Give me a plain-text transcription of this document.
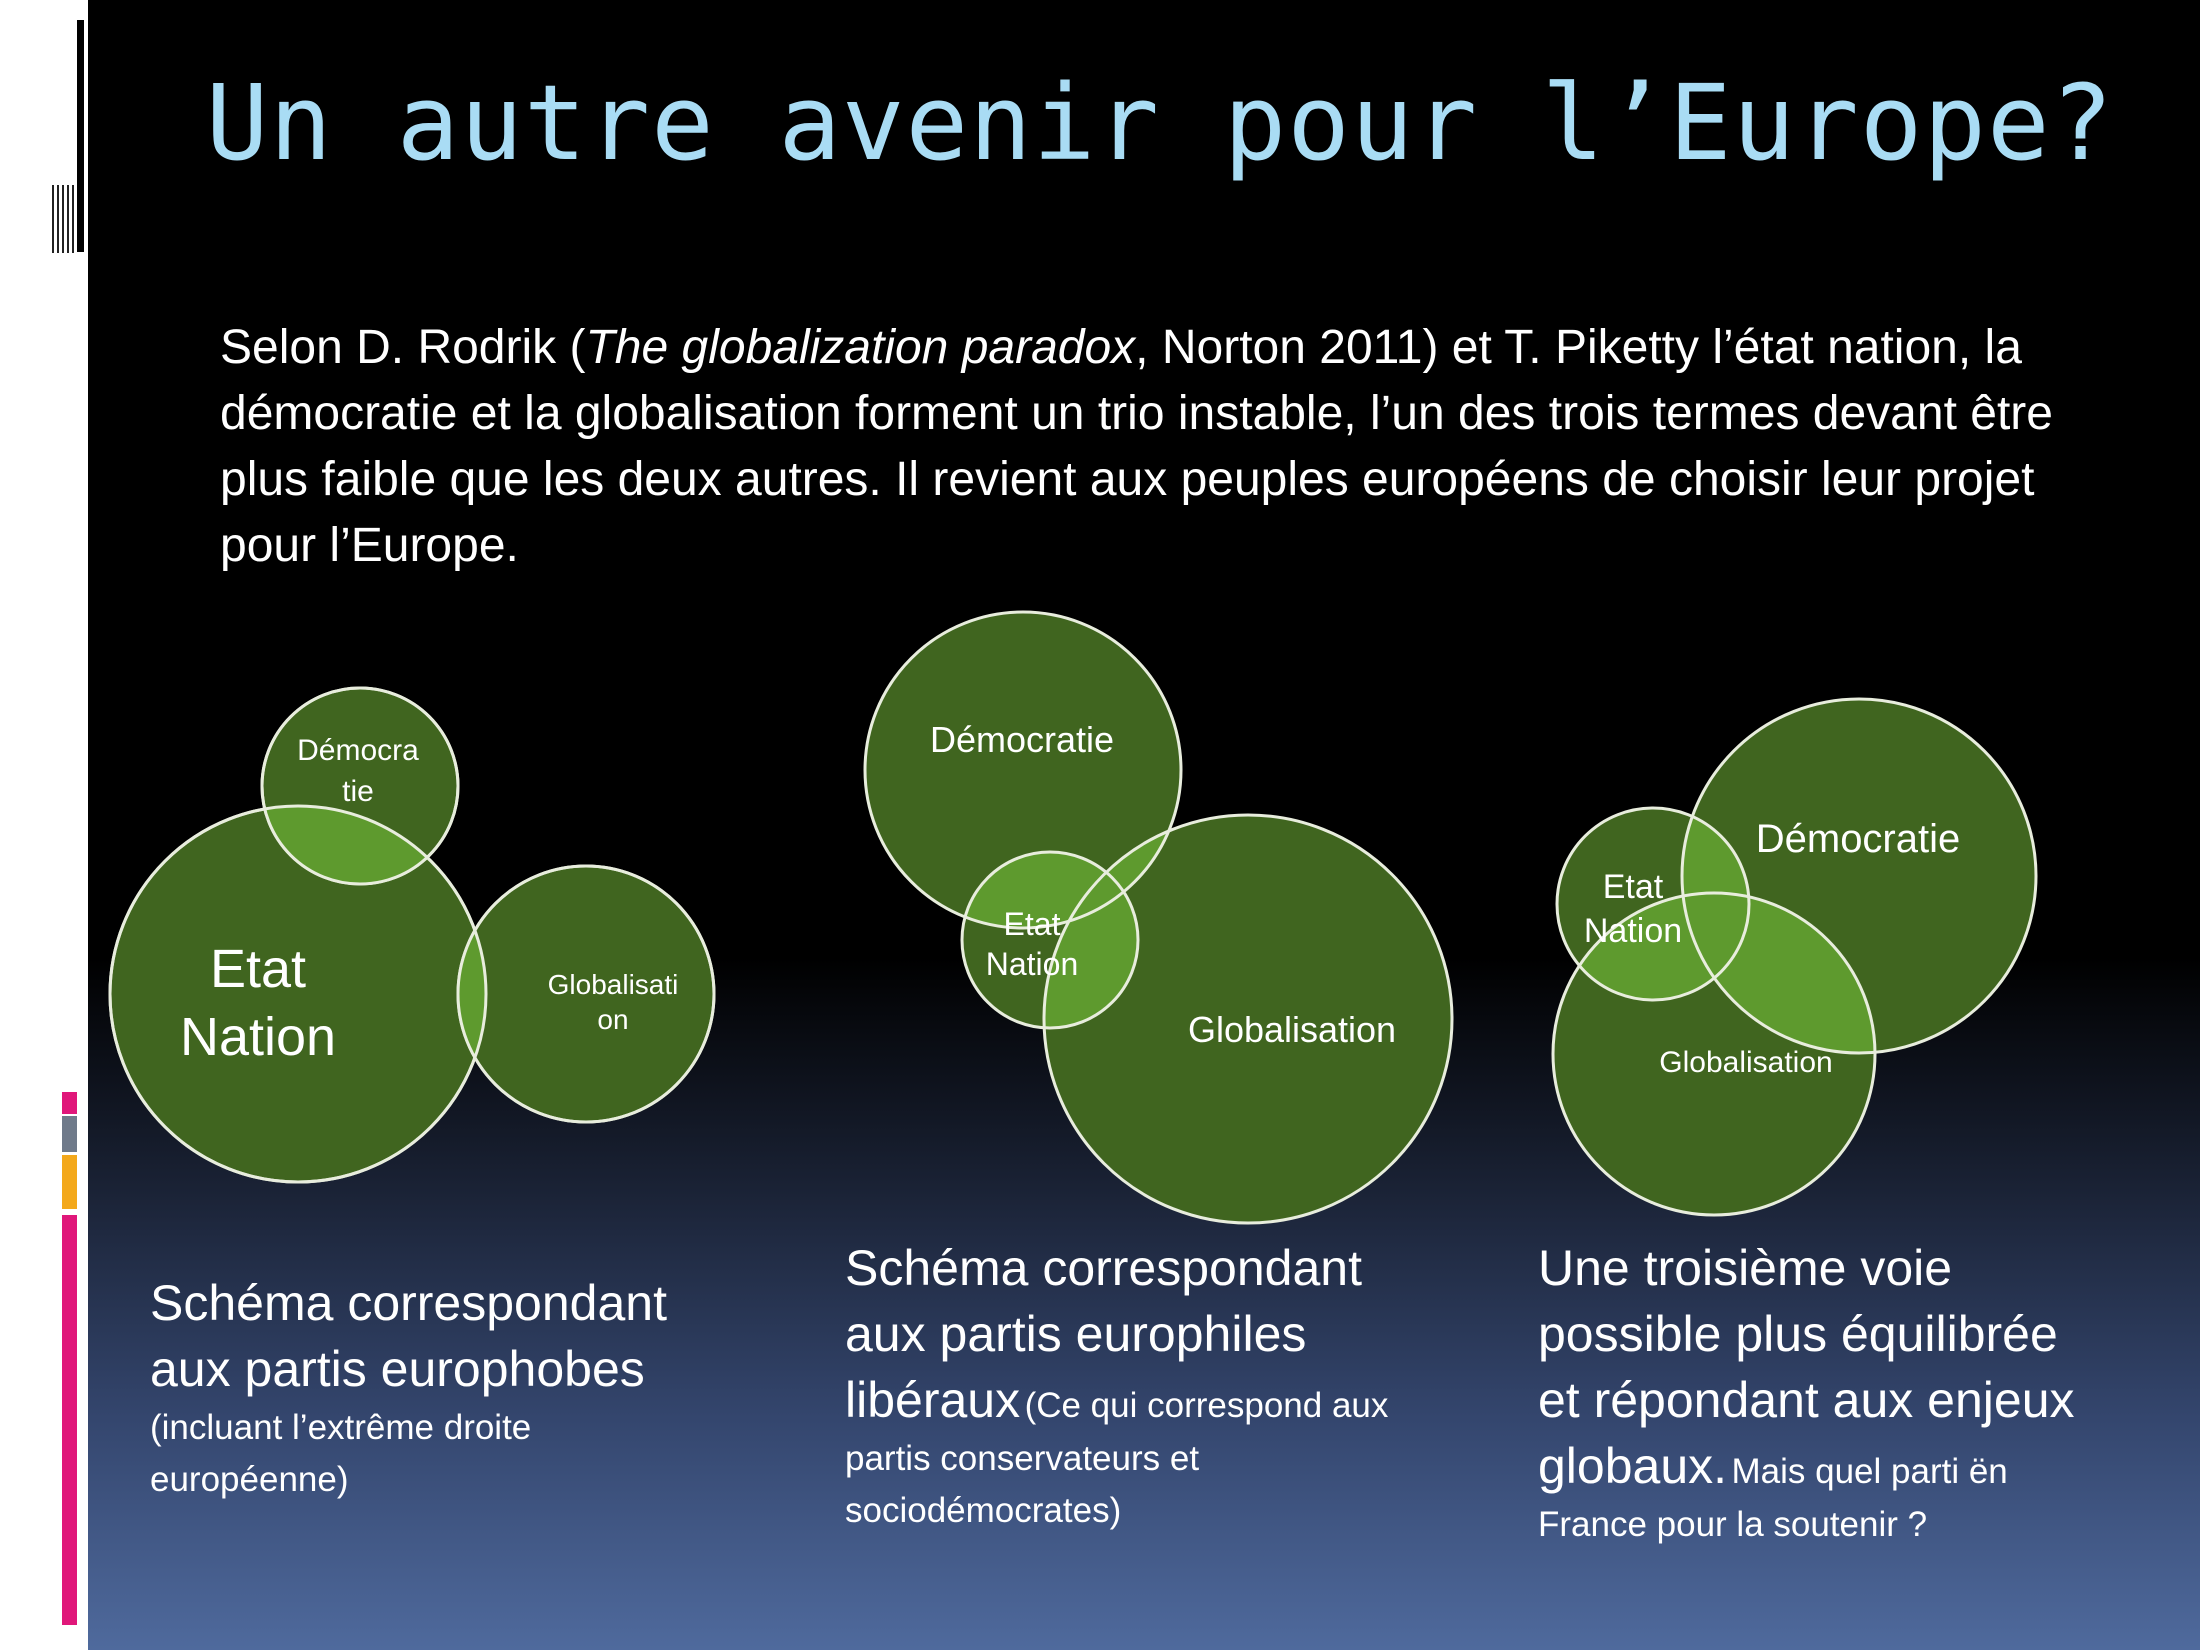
Un autre avenir pour l’Europe?
Selon D. Rodrik (The globalization paradox, Norton 2011) et T. Piketty l’état nation, la démocratie et la globalisation forment un trio instable, l’un des trois termes devant être plus faible que les deux autres. Il revient aux peuples européens de choisir leur projet pour l’Europe.
Démocra
tie
Etat
Nation
Globalisati
on
Démocratie
Etat
Nation
Globalisation
Démocratie
Etat
Nation
Globalisation
Schéma correspondant aux partis europhobes
(incluant l’extrême droite européenne)
Schéma correspondant aux partis europhiles libéraux (Ce qui correspond aux partis conservateurs et sociodémocrates)
Une troisième voie possible plus équilibrée et répondant aux enjeux globaux. Mais quel parti ën France pour la soutenir ?
